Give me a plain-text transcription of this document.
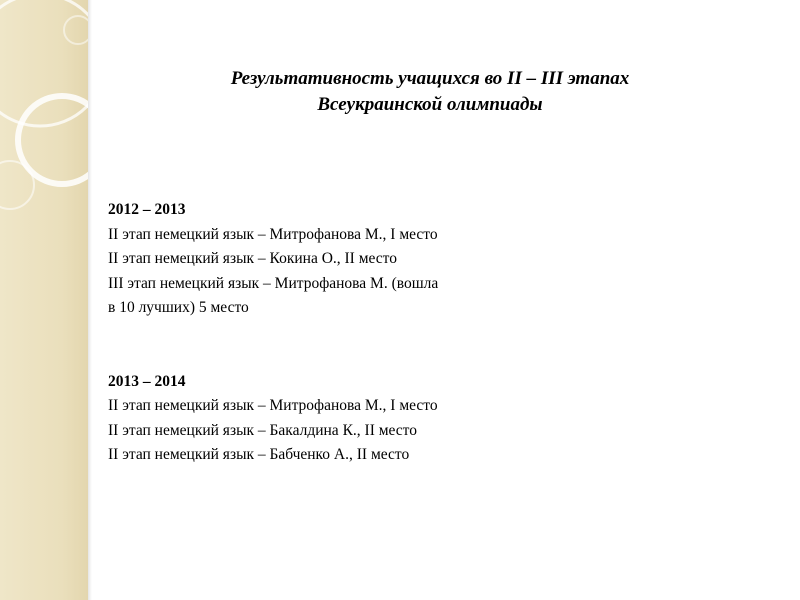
Результативность учащихся во II – III этапах
Всеукраинской олимпиады

2012 – 2013
II этап немецкий язык – Митрофанова М., I место
II этап немецкий язык – Кокина О., II место
III этап немецкий язык – Митрофанова М. (вошла
в 10 лучших) 5 место

2013 – 2014
II этап немецкий язык – Митрофанова М., I место
II этап немецкий язык – Бакалдина К., II место
II этап немецкий язык – Бабченко А., II место
